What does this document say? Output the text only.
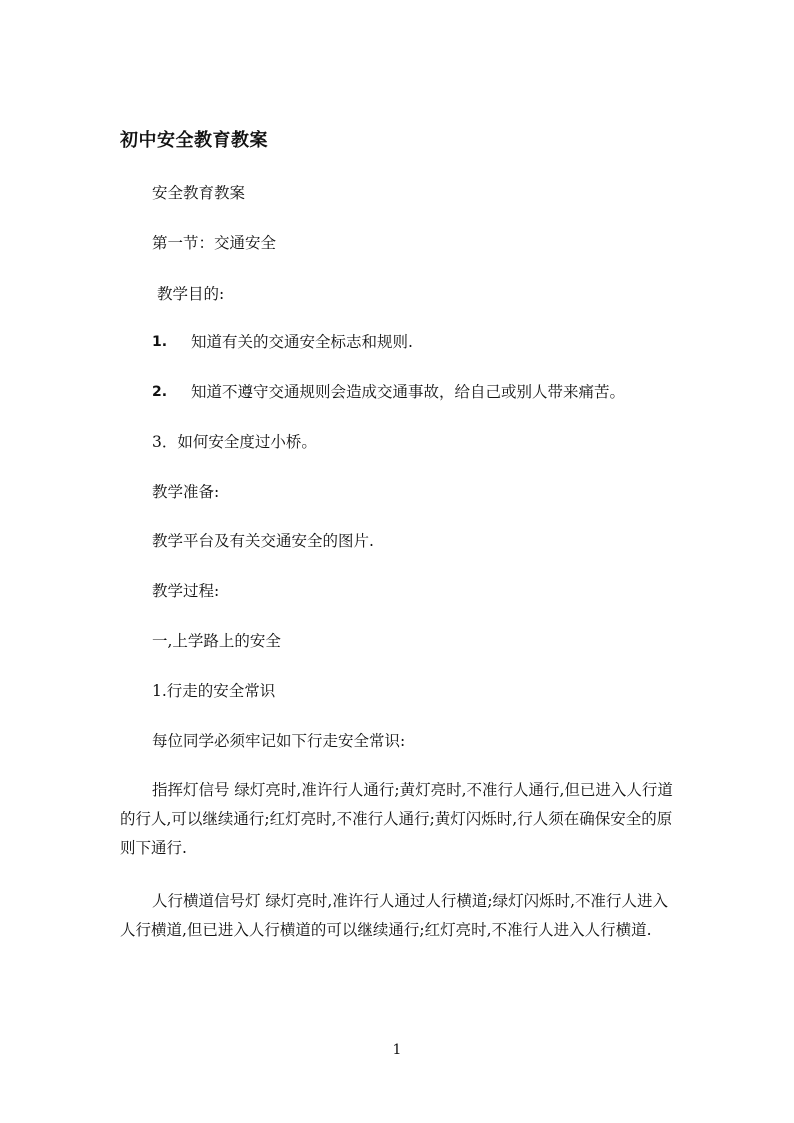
初中安全教育教案
安全教育教案
第一节：交通安全
教学目的:
1. 知道有关的交通安全标志和规则.
2. 知道不遵守交通规则会造成交通事故，给自己或别人带来痛苦。
3．如何安全度过小桥。
教学准备:
教学平台及有关交通安全的图片.
教学过程:
一,上学路上的安全
1.行走的安全常识
每位同学必须牢记如下行走安全常识:
指挥灯信号 绿灯亮时,准许行人通行;黄灯亮时,不准行人通行,但已进入人行道的行人,可以继续通行;红灯亮时,不准行人通行;黄灯闪烁时,行人须在确保安全的原则下通行.
人行横道信号灯 绿灯亮时,准许行人通过人行横道;绿灯闪烁时,不准行人进入人行横道,但已进入人行横道的可以继续通行;红灯亮时,不准行人进入人行横道.
1
